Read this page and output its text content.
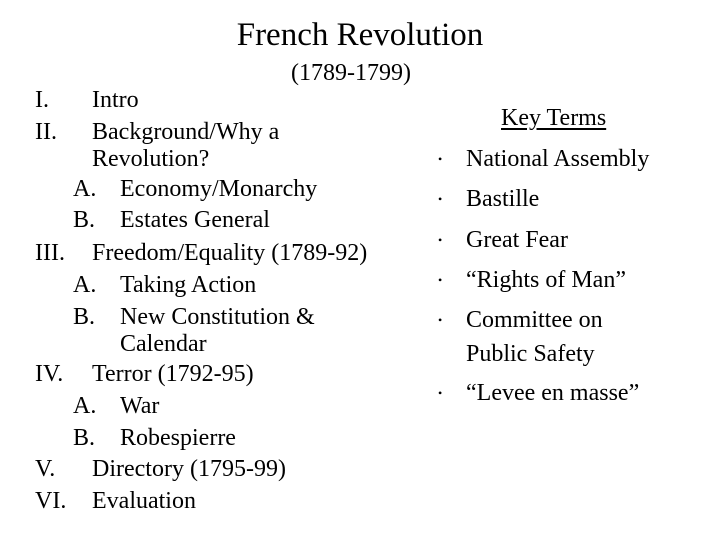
French Revolution
(1789-1799)
I. Intro
II. Background/Why a
Revolution?
A. Economy/Monarchy
B. Estates General
III. Freedom/Equality (1789-92)
A. Taking Action
B. New Constitution &
Calendar
IV. Terror (1792-95)
A. War
B. Robespierre
V. Directory (1795-99)
VI. Evaluation
Key Terms
• National Assembly
• Bastille
• Great Fear
• “Rights of Man”
• Committee on
Public Safety
• “Levee en masse”
